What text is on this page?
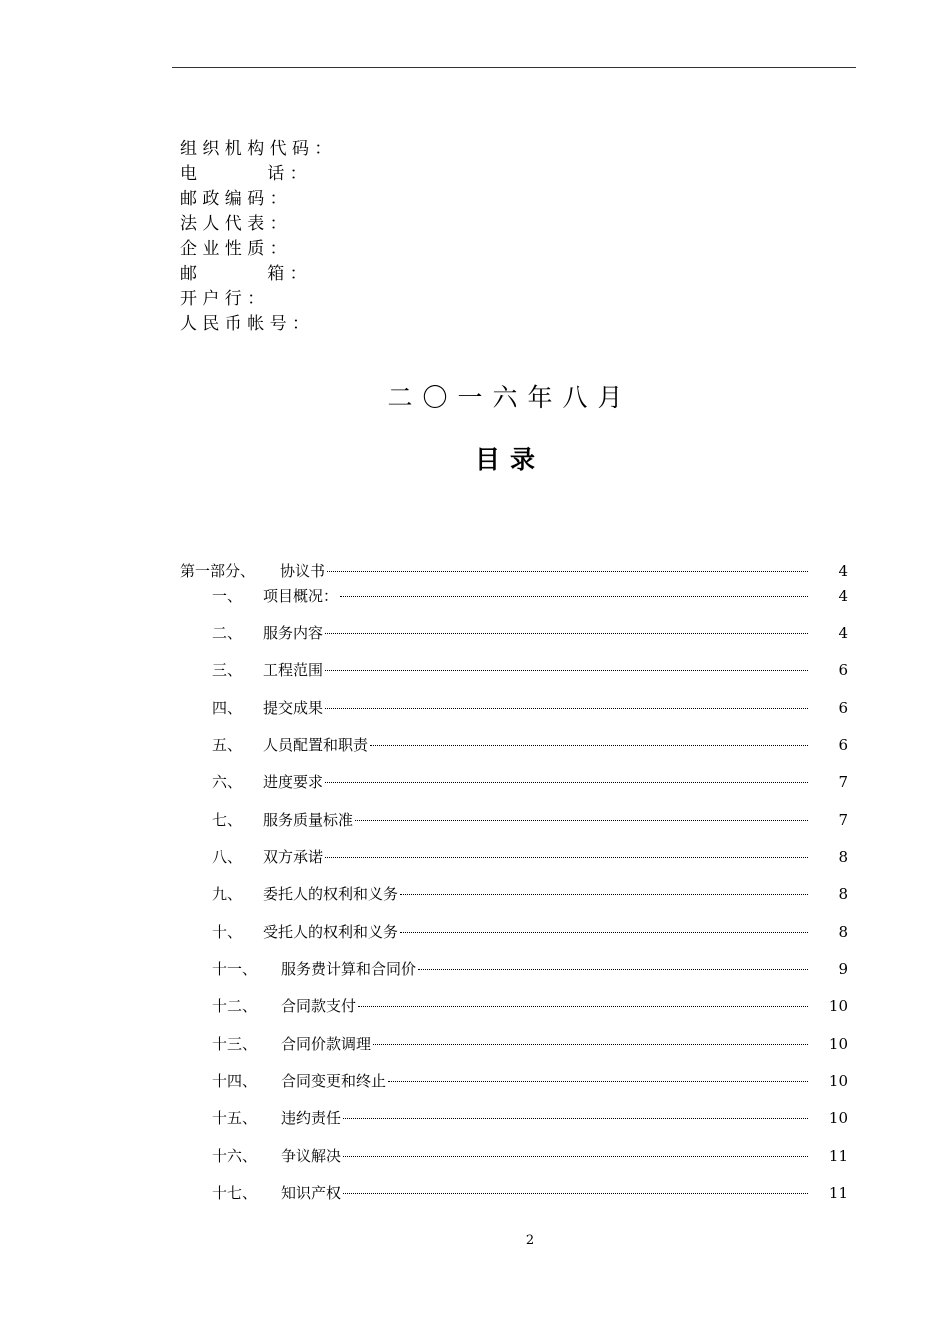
组 织 机 构 代 码 ：
电             话 ：
邮 政 编 码 ：
法 人 代 表 ：
企 业 性 质 ：
邮             箱 ：
开 户 行 ：
人 民 币 帐 号 ：
二〇一六年八月
目录
第一部分、	协议书	4
一、	项目概况：	4
二、	服务内容	4
三、	工程范围	6
四、	提交成果	6
五、	人员配置和职责	6
六、	进度要求	7
七、	服务质量标准	7
八、	双方承诺	8
九、	委托人的权利和义务	8
十、	受托人的权利和义务	8
十一、	服务费计算和合同价	9
十二、	合同款支付	10
十三、	合同价款调理	10
十四、	合同变更和终止	10
十五、	违约责任	10
十六、	争议解决	11
十七、	知识产权	11
2
